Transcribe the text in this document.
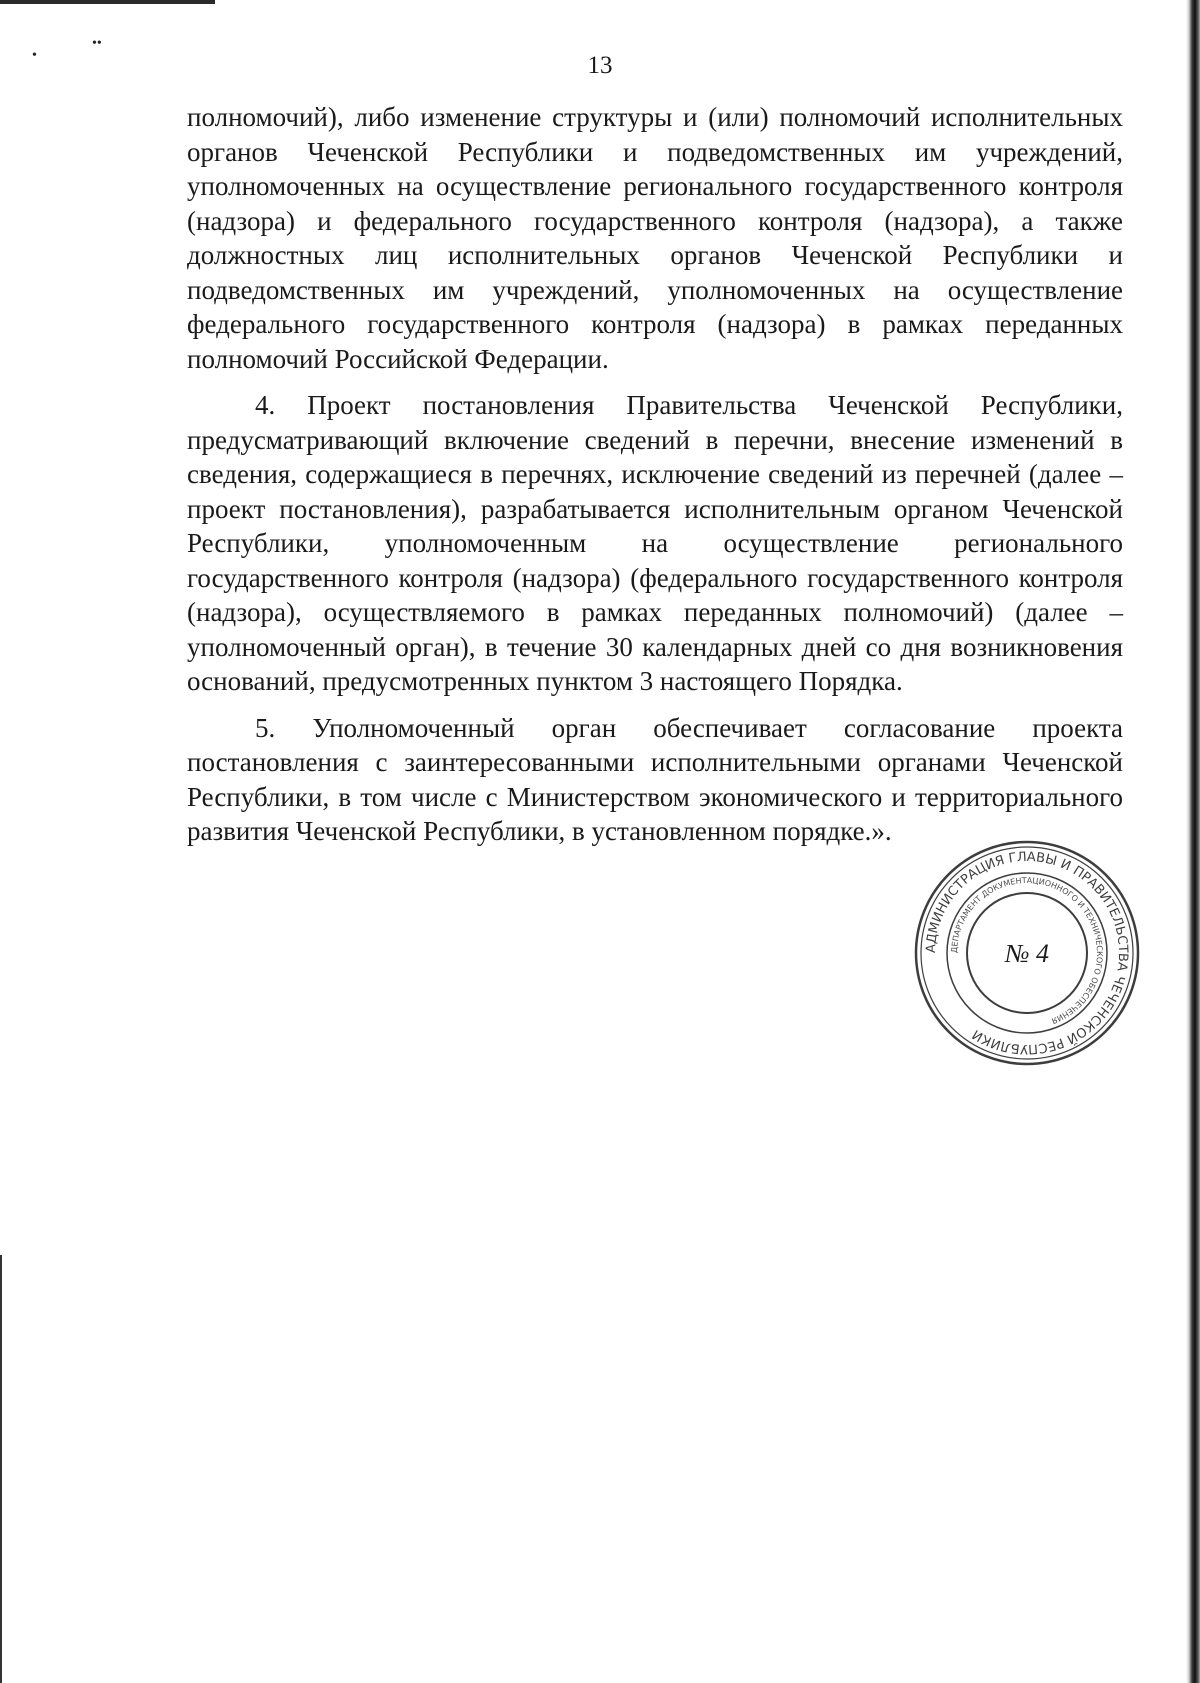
•
••
13

полномочий), либо изменение структуры и (или) полномочий исполнительных органов Чеченской Республики и подведомственных им учреждений, уполномоченных на осуществление регионального государственного контроля (надзора) и федерального государственного контроля (надзора), а также должностных лиц исполнительных органов Чеченской Республики и подведомственных им учреждений, уполномоченных на осуществление федерального государственного контроля (надзора) в рамках переданных полномочий Российской Федерации.

4. Проект постановления Правительства Чеченской Республики, предусматривающий включение сведений в перечни, внесение изменений в сведения, содержащиеся в перечнях, исключение сведений из перечней (далее – проект постановления), разрабатывается исполнительным органом Чеченской Республики, уполномоченным на осуществление регионального государственного контроля (надзора) (федерального государственного контроля (надзора), осуществляемого в рамках переданных полномочий) (далее – уполномоченный орган), в течение 30 календарных дней со дня возникновения оснований, предусмотренных пунктом 3 настоящего Порядка.

5. Уполномоченный орган обеспечивает согласование проекта постановления с заинтересованными исполнительными органами Чеченской Республики, в том числе с Министерством экономического и территориального развития Чеченской Республики, в установленном порядке.».

АДМИНИСТРАЦИЯ ГЛАВЫ И ПРАВИТЕЛЬСТВА ЧЕЧЕНСКОЙ РЕСПУБЛИКИ
ДЕПАРТАМЕНТ ДОКУМЕНТАЦИОННОГО И ТЕХНИЧЕСКОГО ОБЕСПЕЧЕНИЯ
№ 4
